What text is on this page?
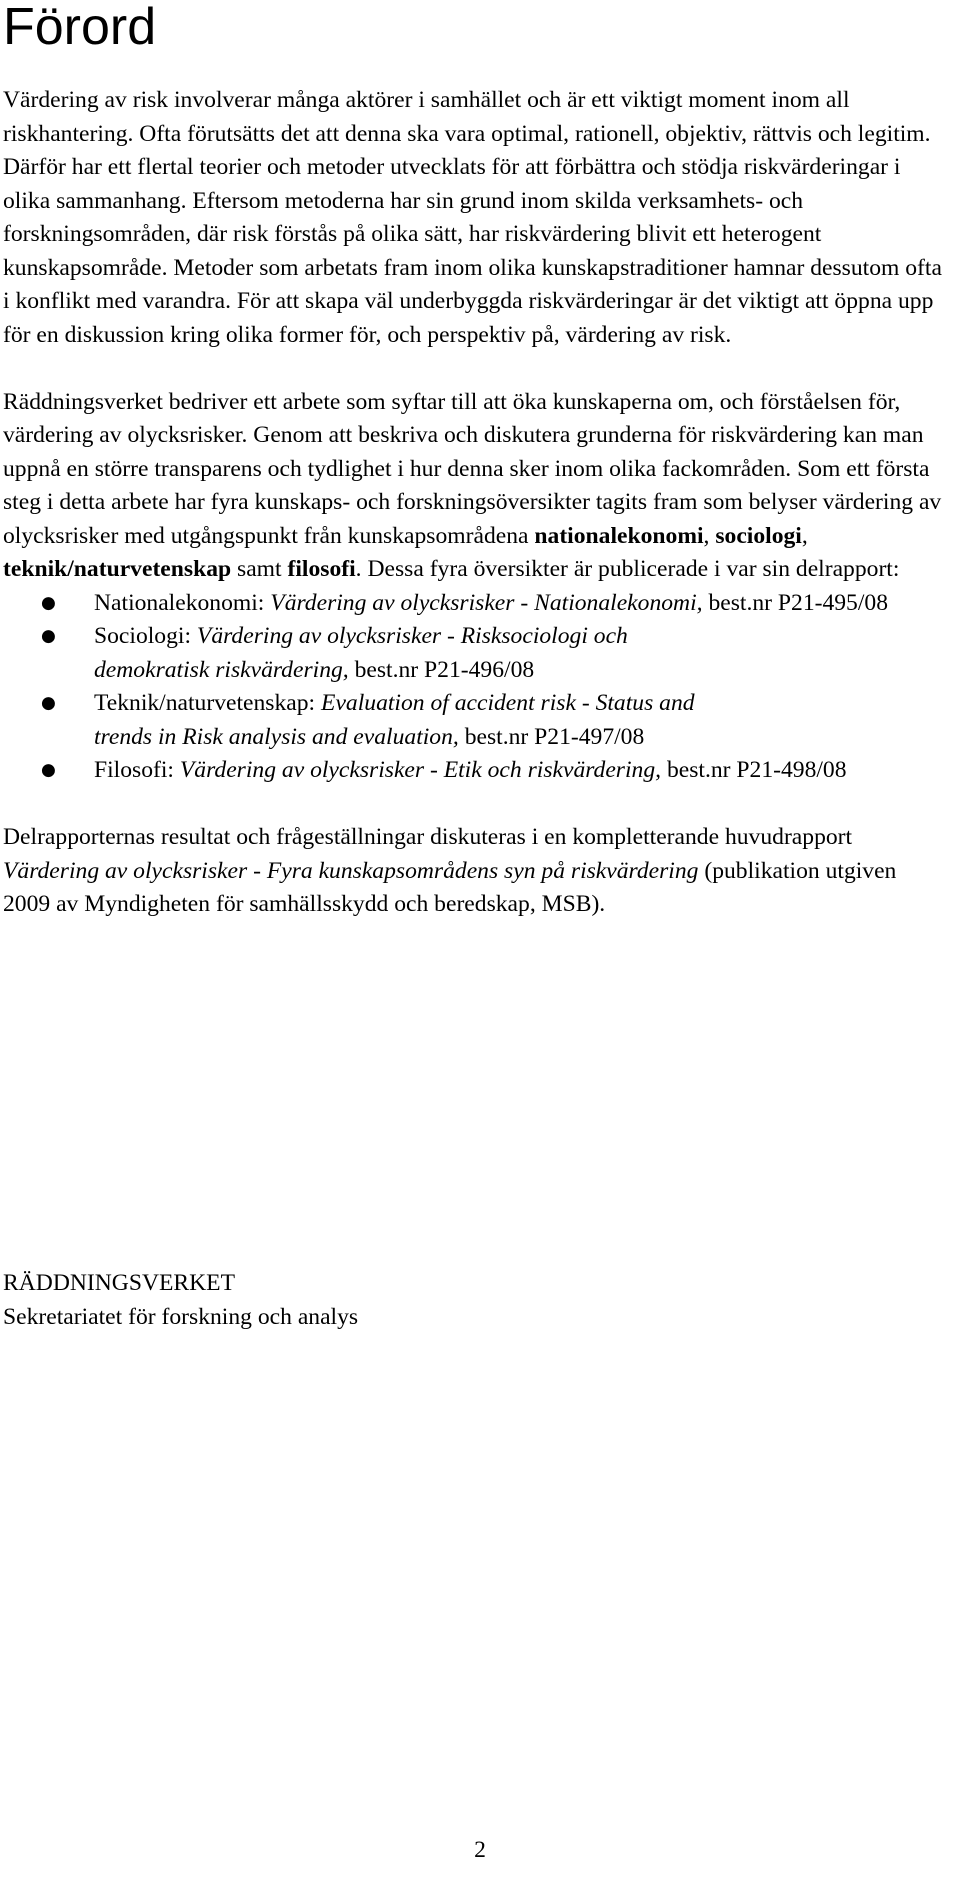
Förord

Värdering av risk involverar många aktörer i samhället och är ett viktigt moment inom all riskhantering. Ofta förutsätts det att denna ska vara optimal, rationell, objektiv, rättvis och legitim. Därför har ett flertal teorier och metoder utvecklats för att förbättra och stödja riskvärderingar i olika sammanhang. Eftersom metoderna har sin grund inom skilda verksamhets- och forskningsområden, där risk förstås på olika sätt, har riskvärdering blivit ett heterogent kunskapsområde. Metoder som arbetats fram inom olika kunskapstraditioner hamnar dessutom ofta i konflikt med varandra. För att skapa väl underbyggda riskvärderingar är det viktigt att öppna upp för en diskussion kring olika former för, och perspektiv på, värdering av risk.

Räddningsverket bedriver ett arbete som syftar till att öka kunskaperna om, och förståelsen för, värdering av olycksrisker. Genom att beskriva och diskutera grunderna för riskvärdering kan man uppnå en större transparens och tydlighet i hur denna sker inom olika fackområden. Som ett första steg i detta arbete har fyra kunskaps- och forskningsöversikter tagits fram som belyser värdering av olycksrisker med utgångspunkt från kunskapsområdena nationalekonomi, sociologi, teknik/naturvetenskap samt filosofi. Dessa fyra översikter är publicerade i var sin delrapport:

● Nationalekonomi: Värdering av olycksrisker - Nationalekonomi, best.nr P21-495/08
● Sociologi: Värdering av olycksrisker - Risksociologi och
demokratisk riskvärdering, best.nr P21-496/08
● Teknik/naturvetenskap: Evaluation of accident risk - Status and
trends in Risk analysis and evaluation, best.nr P21-497/08
● Filosofi: Värdering av olycksrisker - Etik och riskvärdering, best.nr P21-498/08

Delrapporternas resultat och frågeställningar diskuteras i en kompletterande huvudrapport Värdering av olycksrisker - Fyra kunskapsområdens syn på riskvärdering (publikation utgiven 2009 av Myndigheten för samhällsskydd och beredskap, MSB).

RÄDDNINGSVERKET
Sekretariatet för forskning och analys
2
